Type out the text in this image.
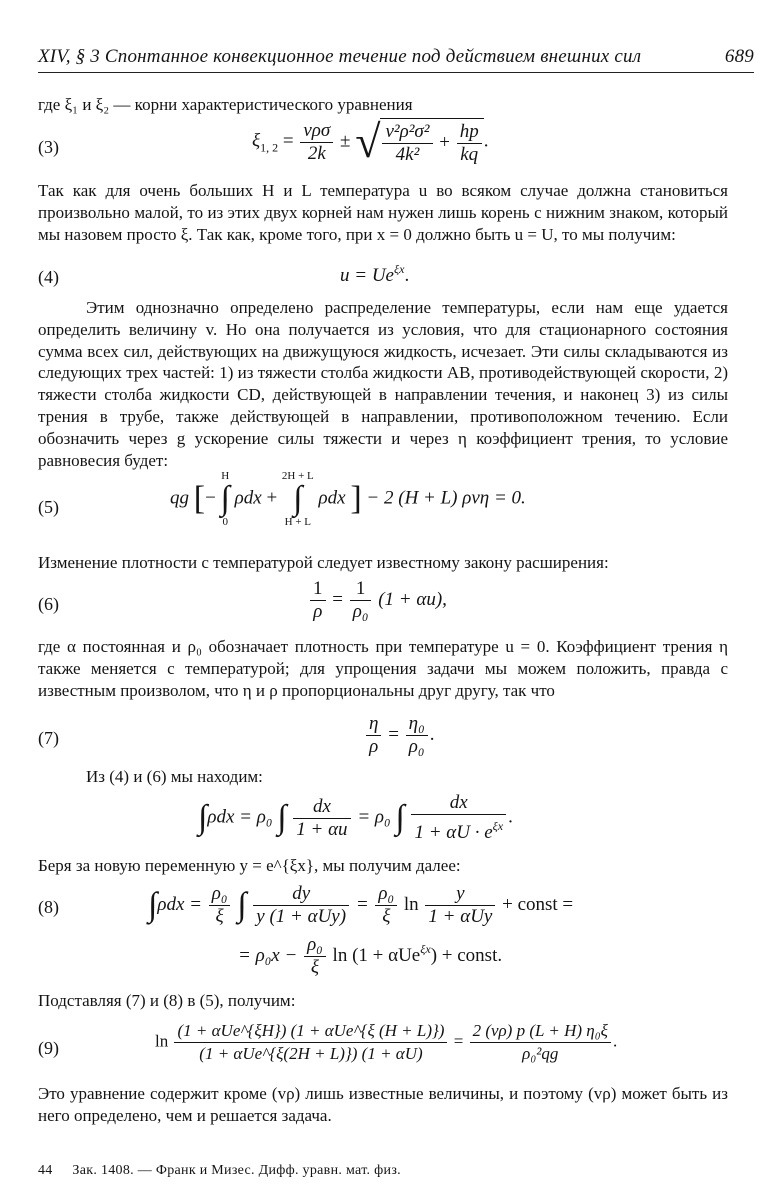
XIV, § 3 Спонтанное конвекционное течение под действием внешних сил	689
где ξ₁ и ξ₂ — корни характеристического уравнения
(3)	$\xi_{1, 2} = \frac{\text{vρσ}}{2k}$ ± √ $\frac{\text{v²ρ²σ²}}{\text{4k²}} + \frac{hp}{kq}$ .
Так как для очень больших H и L температура u во всяком случае должна становиться произвольно малой, то из этих двух корней нам нужен лишь корень с нижним знаком, который мы назовем просто ξ. Так как, кроме того, при x = 0 должно быть u = U, то мы получим:
(4)	$u = Ue^{\xi x}$.
Этим однозначно определено распределение температуры, если нам еще удается определить величину v. Но она получается из условия, что для стационарного состояния сумма всех сил, действующих на движущуюся жидкость, исчезает. Эти силы складываются из следующих трех частей: 1) из тяжести столба жидкости AB, противодействующей скорости, 2) тяжести столба жидкости CD, действующей в направлении течения, и наконец 3) из силы трения в трубе, также действующей в направлении, противоположном течению. Если обозначить через g ускорение силы тяжести и через η коэффициент трения, то условие равновесия будет:
(5)	qg [−
H
∫
0
ρdx +
2H + L
∫
H + L
ρdx ] − 2 (H + L) ρvη = 0.
Изменение плотности с температурой следует известному закону расширения:
(6)	$\frac{1}{\rho} = \frac{1}{\text{ρ₀}} (1 + \alpha u)$,
где α постоянная и ρ₀ обозначает плотность при температуре u = 0. Коэффициент трения η также меняется с температурой; для упрощения задачи мы можем положить, правда с известным произволом, что η и ρ пропорциональны друг другу, так что
(7)	$\frac{\eta}{\rho} = \frac{\text{η₀}}{\text{ρ₀}}$ .
Из (4) и (6) мы находим:
∫ρdx = ρ₀ ∫ $\frac{dx}{1 + \alpha u} = \rho_0$ ∫ $\frac{dx}{1 + \alpha U \cdot e^{\xi x}}$ .
Беря за новую переменную y = e^{ξx}, мы получим далее:
(8)	$\int\rho dx = \frac{\text{ρ₀}}{\xi}$ ∫ $\frac{dy}{\text{y (1 + αUy)}} = \frac{\text{ρ₀}}{\xi}$ $\ln \frac{y}{\text{1 + αUy}}$ + const =
= $\rho_0x - \frac{\text{ρ₀}}{\xi}$ ln (1 + αUe$^{\xi x}$) + const.
Подставляя (7) и (8) в (5), получим:
(9)	$\ln \frac{\text{(1 + αUe\textasciicircum{}\{ξH\}) (1 + αUe\textasciicircum{}\{ξ (H + L)\})}}{\text{(1 + αUe\textasciicircum{}\{ξ(2H + L)\}) (1 + αU)}} = \frac{\text{2 (vρ) p (L + H) η₀ξ}}{\text{ρ₀²qg}}$ .
Это уравнение содержит кроме (vρ) лишь известные величины, и поэтому (vρ) может быть из него определено, чем и решается задача.
44 Зак. 1408. — Франк и Мизес. Дифф. уравн. мат. физ.
